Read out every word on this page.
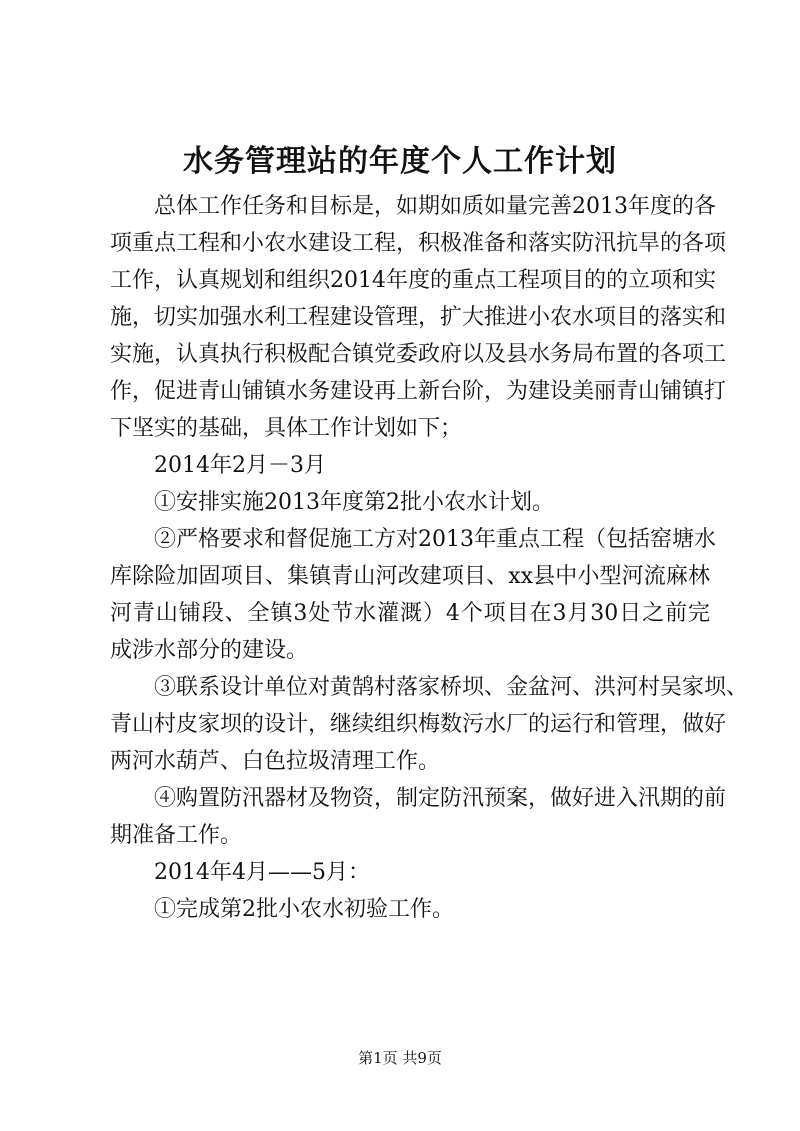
水务管理站的年度个人工作计划
总体工作任务和目标是，如期如质如量完善2013年度的各
项重点工程和小农水建设工程，积极准备和落实防汛抗旱的各项
工作，认真规划和组织2014年度的重点工程项目的的立项和实
施，切实加强水利工程建设管理，扩大推进小农水项目的落实和
实施，认真执行积极配合镇党委政府以及县水务局布置的各项工
作，促进青山铺镇水务建设再上新台阶，为建设美丽青山铺镇打
下坚实的基础，具体工作计划如下；
2014年2月－3月
①安排实施2013年度第2批小农水计划。
②严格要求和督促施工方对2013年重点工程（包括窑塘水
库除险加固项目、集镇青山河改建项目、xx县中小型河流麻林
河青山铺段、全镇3处节水灌溉）4个项目在3月30日之前完
成涉水部分的建设。
③联系设计单位对黄鹄村落家桥坝、金盆河、洪河村吴家坝、
青山村皮家坝的设计，继续组织梅数污水厂的运行和管理，做好
两河水葫芦、白色拉圾清理工作。
④购置防汛器材及物资，制定防汛预案，做好进入汛期的前
期准备工作。
2014年4月——5月：
①完成第2批小农水初验工作。
第1页 共9页
